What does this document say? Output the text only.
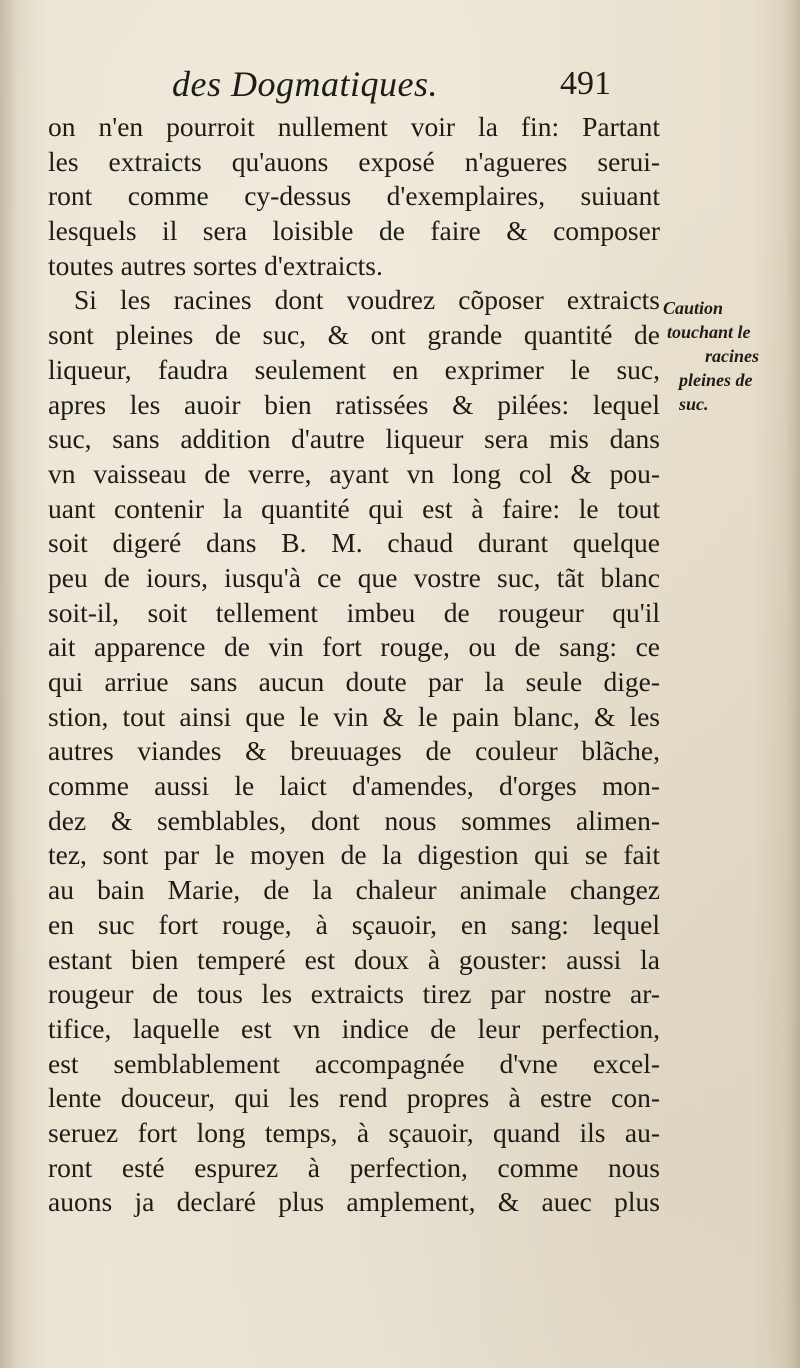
des Dogmatiques.	491
on n'en pourroit nullement voir la fin: Partant
les extraicts qu'auons exposé n'agueres serui-
ront comme cy-dessus d'exemplaires, suiuant
lesquels il sera loisible de faire & composer
toutes autres sortes d'extraicts.
Si les racines dont voudrez cõposer extraicts
sont pleines de suc, & ont grande quantité de
liqueur, faudra seulement en exprimer le suc,
apres les auoir bien ratissées & pilées: lequel
suc, sans addition d'autre liqueur sera mis dans
vn vaisseau de verre, ayant vn long col & pou-
uant contenir la quantité qui est à faire: le tout
soit digeré dans B. M. chaud durant quelque
peu de iours, iusqu'à ce que vostre suc, tãt blanc
soit-il, soit tellement imbeu de rougeur qu'il
ait apparence de vin fort rouge, ou de sang: ce
qui arriue sans aucun doute par la seule dige-
stion, tout ainsi que le vin & le pain blanc, & les
autres viandes & breuuages de couleur blãche,
comme aussi le laict d'amendes, d'orges mon-
dez & semblables, dont nous sommes alimen-
tez, sont par le moyen de la digestion qui se fait
au bain Marie, de la chaleur animale changez
en suc fort rouge, à sçauoir, en sang: lequel
estant bien temperé est doux à gouster: aussi la
rougeur de tous les extraicts tirez par nostre ar-
tifice, laquelle est vn indice de leur perfection,
est semblablement accompagnée d'vne excel-
lente douceur, qui les rend propres à estre con-
seruez fort long temps, à sçauoir, quand ils au-
ront esté espurez à perfection, comme nous
auons ja declaré plus amplement, & auec plus
Caution
touchant le
racines
pleines de
suc.
